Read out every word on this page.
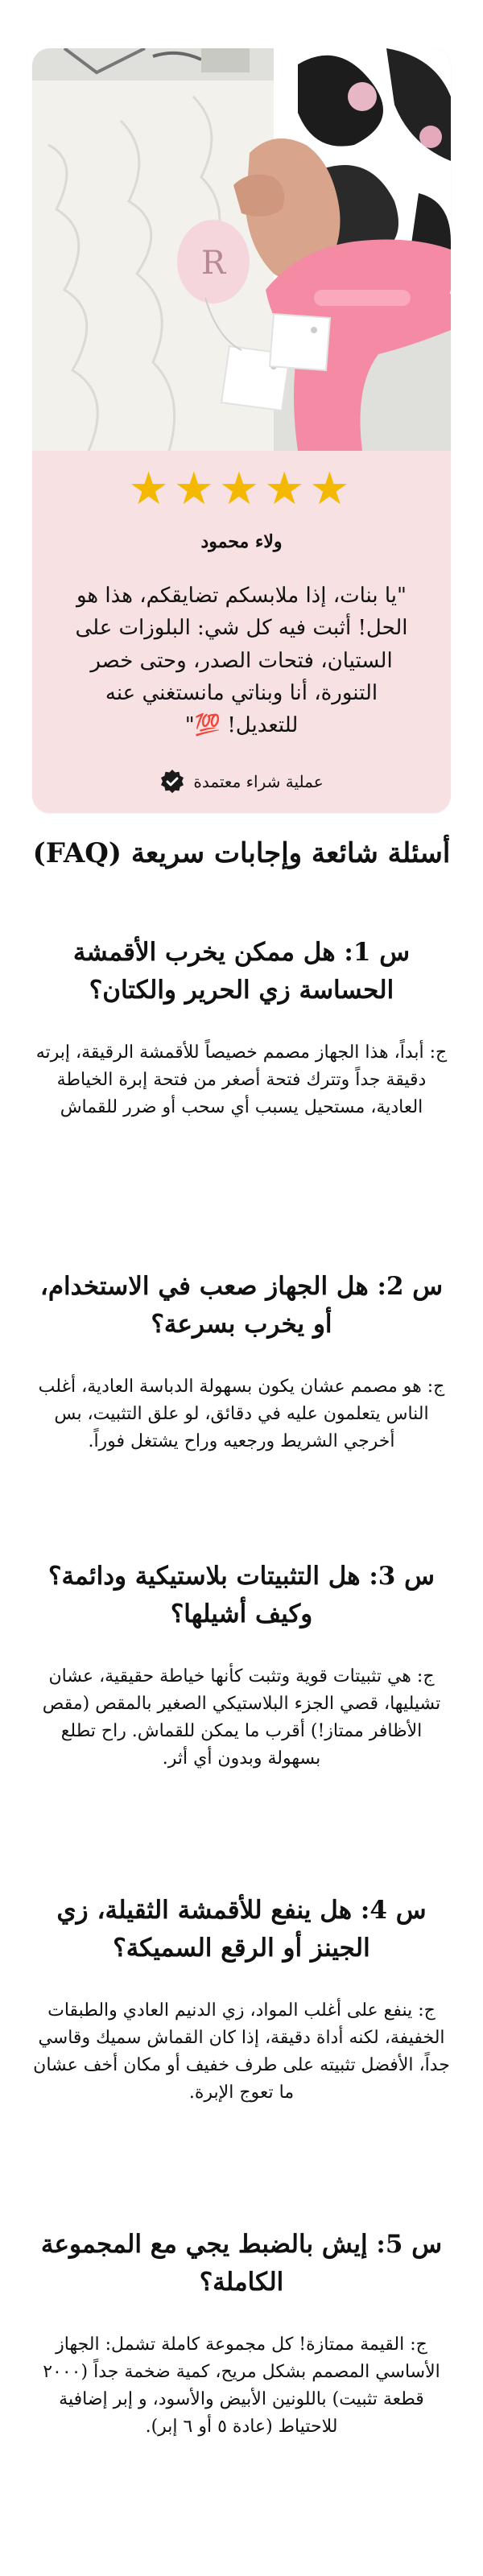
R
★★★★★
ولاء محمود
"يا بنات، إذا ملابسكم تضايقكم، هذا هو الحل! أثبت فيه كل شي: البلوزات على الستيان، فتحات الصدر، وحتى خصر التنورة، أنا وبناتي مانستغني عنه للتعديل! 💯"
عملية شراء معتمدة
أسئلة شائعة وإجابات سريعة (FAQ)

س 1: هل ممكن يخرب الأقمشة الحساسة زي الحرير والكتان؟

ج: أبداً، هذا الجهاز مصمم خصيصاً للأقمشة الرقيقة، إبرته دقيقة جداً وتترك فتحة أصغر من فتحة إبرة الخياطة العادية، مستحيل يسبب أي سحب أو ضرر للقماش

س 2: هل الجهاز صعب في الاستخدام، أو يخرب بسرعة؟

ج: هو مصمم عشان يكون بسهولة الدباسة العادية، أغلب الناس يتعلمون عليه في دقائق، لو علق التثبيت، بس أخرجي الشريط ورجعيه وراح يشتغل فوراً.

س 3: هل التثبيتات بلاستيكية ودائمة؟ وكيف أشيلها؟

ج: هي تثبيتات قوية وتثبت كأنها خياطة حقيقية، عشان تشيليها، قصي الجزء البلاستيكي الصغير بالمقص (مقص الأظافر ممتاز!) أقرب ما يمكن للقماش. راح تطلع بسهولة وبدون أي أثر.

س 4: هل ينفع للأقمشة الثقيلة، زي الجينز أو الرقع السميكة؟

ج: ينفع على أغلب المواد، زي الدنيم العادي والطبقات الخفيفة، لكنه أداة دقيقة، إذا كان القماش سميك وقاسي جداً، الأفضل تثبيته على طرف خفيف أو مكان أخف عشان ما تعوج الإبرة.

س 5: إيش بالضبط يجي مع المجموعة الكاملة؟

ج: القيمة ممتازة! كل مجموعة كاملة تشمل: الجهاز الأساسي المصمم بشكل مريح، كمية ضخمة جداً (٢٠٠٠ قطعة تثبيت) باللونين الأبيض والأسود، و إبر إضافية للاحتياط (عادة ٥ أو ٦ إبر).
